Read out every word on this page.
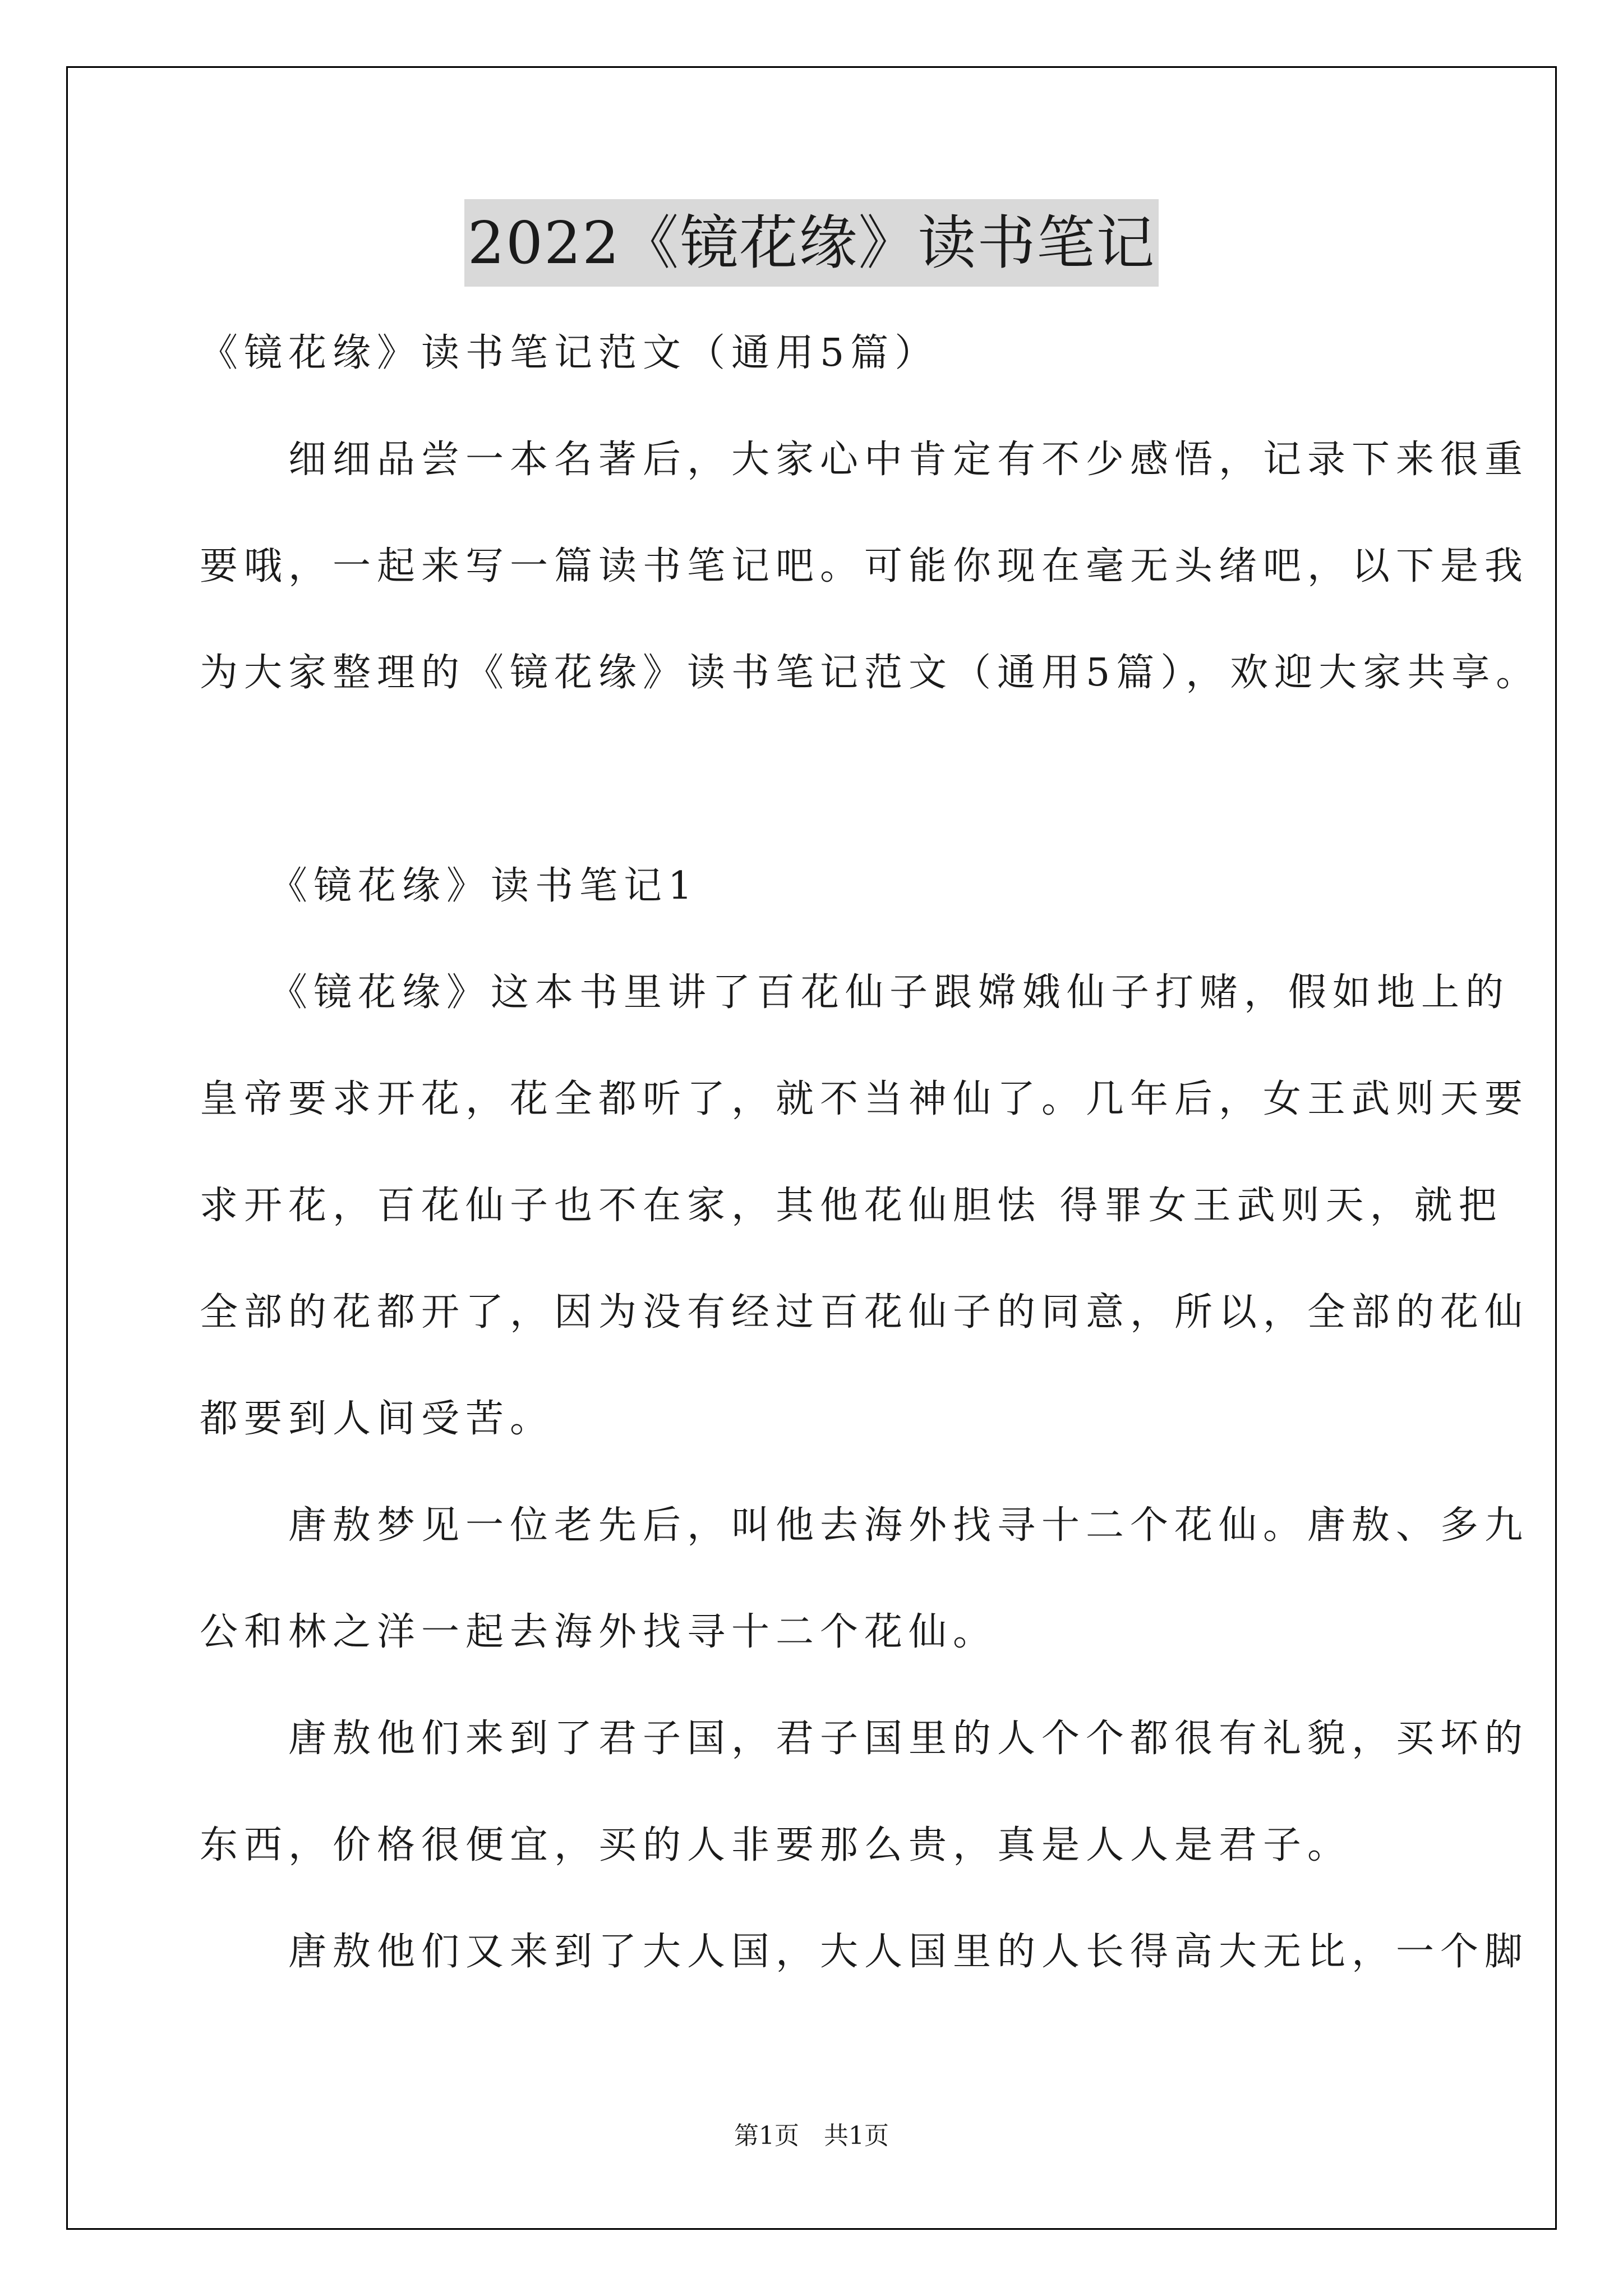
2022《镜花缘》读书笔记
《镜花缘》读书笔记范文（通用5篇）
　　细细品尝一本名著后，大家心中肯定有不少感悟，记录下来很重
要哦，一起来写一篇读书笔记吧。可能你现在毫无头绪吧，以下是我
为大家整理的《镜花缘》读书笔记范文（通用5篇），欢迎大家共享。
　　《镜花缘》读书笔记1
　　《镜花缘》这本书里讲了百花仙子跟嫦娥仙子打赌，假如地上的
皇帝要求开花，花全都听了，就不当神仙了。几年后，女王武则天要
求开花，百花仙子也不在家，其他花仙胆怯 得罪女王武则天，就把
全部的花都开了，因为没有经过百花仙子的同意，所以，全部的花仙
都要到人间受苦。
　　唐敖梦见一位老先后，叫他去海外找寻十二个花仙。唐敖、多九
公和林之洋一起去海外找寻十二个花仙。
　　唐敖他们来到了君子国，君子国里的人个个都很有礼貌，买坏的
东西，价格很便宜，买的人非要那么贵，真是人人是君子。
　　唐敖他们又来到了大人国，大人国里的人长得高大无比，一个脚
第1页　共1页
